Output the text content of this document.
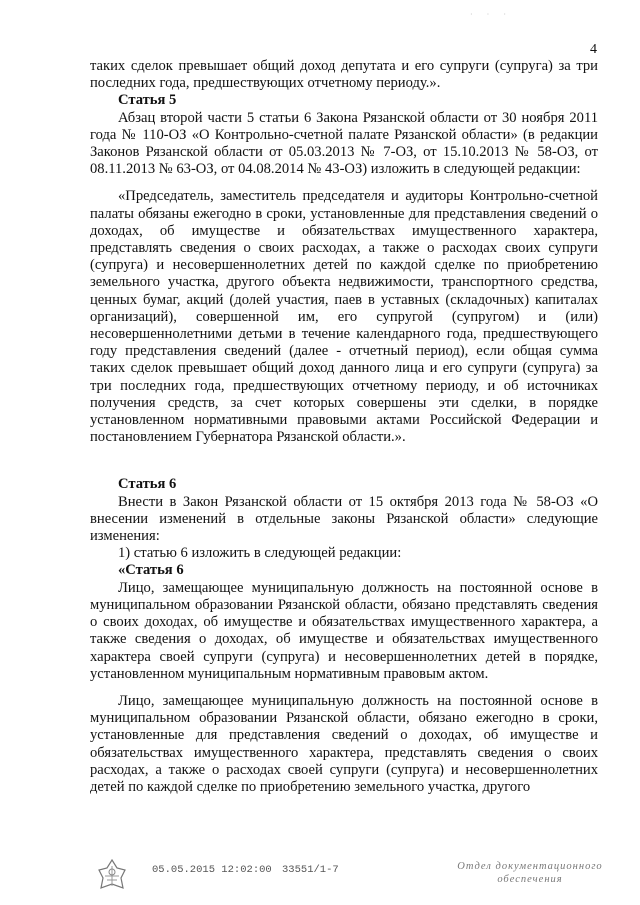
· · ·
4

таких сделок превышает общий доход депутата и его супруги (супруга) за три последних года, предшествующих отчетному периоду.».

Статья 5

Абзац второй части 5 статьи 6 Закона Рязанской области от 30 ноября 2011 года № 110-ОЗ «О Контрольно-счетной палате Рязанской области» (в редакции Законов Рязанской области от 05.03.2013 № 7-ОЗ, от 15.10.2013 № 58-ОЗ, от 08.11.2013 № 63-ОЗ, от 04.08.2014 № 43-ОЗ) изложить в следующей редакции:

«Председатель, заместитель председателя и аудиторы Контрольно-счетной палаты обязаны ежегодно в сроки, установленные для представления сведений о доходах, об имуществе и обязательствах имущественного характера, представлять сведения о своих расходах, а также о расходах своих супруги (супруга) и несовершеннолетних детей по каждой сделке по приобретению земельного участка, другого объекта недвижимости, транспортного средства, ценных бумаг, акций (долей участия, паев в уставных (складочных) капиталах организаций), совершенной им, его супругой (супругом) и (или) несовершеннолетними детьми в течение календарного года, предшествующего году представления сведений (далее - отчетный период), если общая сумма таких сделок превышает общий доход данного лица и его супруги (супруга) за три последних года, предшествующих отчетному периоду, и об источниках получения средств, за счет которых совершены эти сделки, в порядке установленном нормативными правовыми актами Российской Федерации и постановлением Губернатора Рязанской области.».

Статья 6

Внести в Закон Рязанской области от 15 октября 2013 года № 58-ОЗ «О внесении изменений в отдельные законы Рязанской области» следующие изменения:

1) статью 6 изложить в следующей редакции:

«Статья 6

Лицо, замещающее муниципальную должность на постоянной основе в муниципальном образовании Рязанской области, обязано представлять сведения о своих доходах, об имуществе и обязательствах имущественного характера, а также сведения о доходах, об имуществе и обязательствах имущественного характера своей супруги (супруга) и несовершеннолетних детей в порядке, установленном муниципальным нормативным правовым актом.

Лицо, замещающее муниципальную должность на постоянной основе в муниципальном образовании Рязанской области, обязано ежегодно в сроки, установленные для представления сведений о доходах, об имуществе и обязательствах имущественного характера, представлять сведения о своих расходах, а также о расходах своей супруги (супруга) и несовершеннолетних детей по каждой сделке по приобретению земельного участка, другого

05.05.2015 12:02:00 33551/1-7	Отдел документационного
обеспечения
